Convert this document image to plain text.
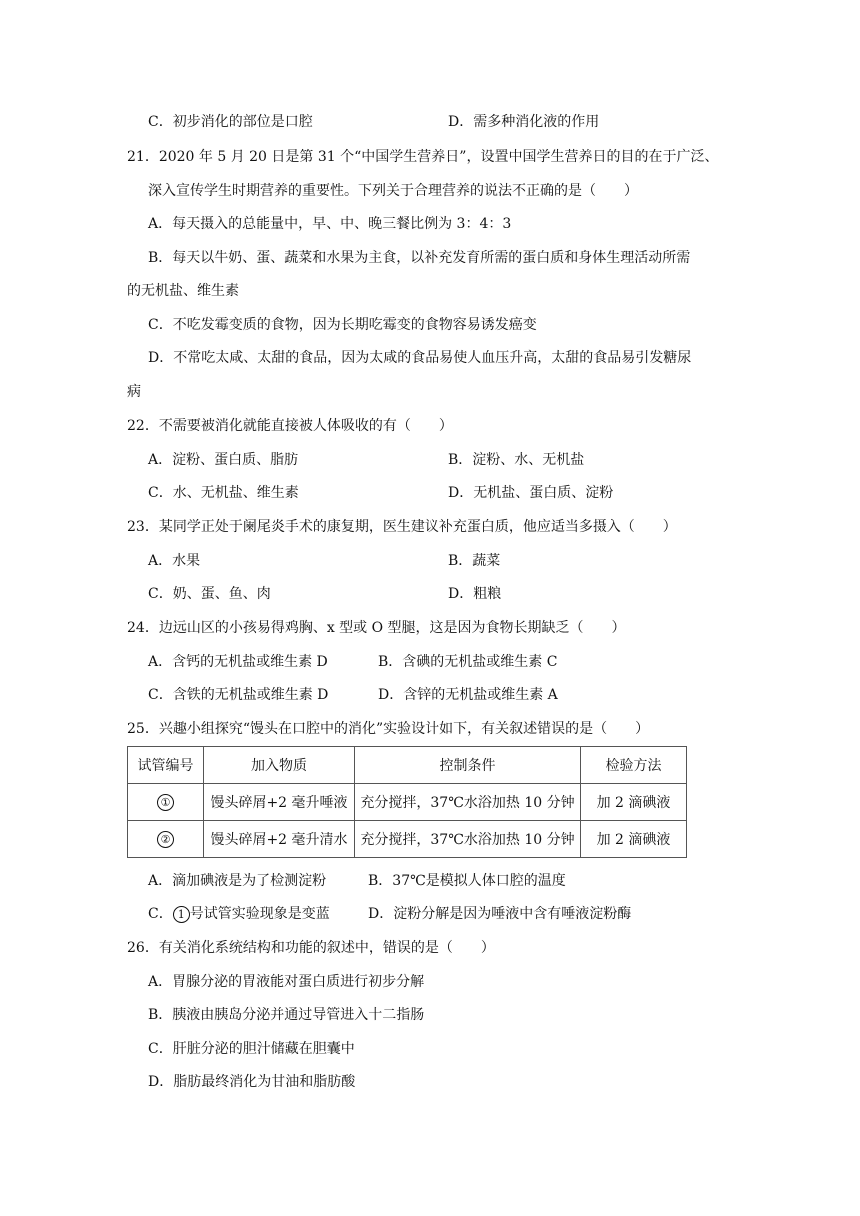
C．初步消化的部位是口腔	D．需多种消化液的作用
21．2020 年 5 月 20 日是第 31 个“中国学生营养日”，设置中国学生营养日的目的在于广泛、
深入宣传学生时期营养的重要性。下列关于合理营养的说法不正确的是（　　）
A．每天摄入的总能量中，早、中、晚三餐比例为 3：4：3
B．每天以牛奶、蛋、蔬菜和水果为主食，以补充发育所需的蛋白质和身体生理活动所需
的无机盐、维生素
C．不吃发霉变质的食物，因为长期吃霉变的食物容易诱发癌变
D．不常吃太咸、太甜的食品，因为太咸的食品易使人血压升高，太甜的食品易引发糖尿
病
22．不需要被消化就能直接被人体吸收的有（　　）
A．淀粉、蛋白质、脂肪	B．淀粉、水、无机盐
C．水、无机盐、维生素	D．无机盐、蛋白质、淀粉
23．某同学正处于阑尾炎手术的康复期，医生建议补充蛋白质，他应适当多摄入（　　）
A．水果	B．蔬菜
C．奶、蛋、鱼、肉	D．粗粮
24．边远山区的小孩易得鸡胸、x 型或 O 型腿，这是因为食物长期缺乏（　　）
A．含钙的无机盐或维生素 D	B．含碘的无机盐或维生素 C
C．含铁的无机盐或维生素 D	D．含锌的无机盐或维生素 A
25．兴趣小组探究“馒头在口腔中的消化”实验设计如下，有关叙述错误的是（　　）
试管编号	加入物质	控制条件	检验方法
①	馒头碎屑+2 毫升唾液	充分搅拌，37℃水浴加热 10 分钟	加 2 滴碘液
②	馒头碎屑+2 毫升清水	充分搅拌，37℃水浴加热 10 分钟	加 2 滴碘液
A．滴加碘液是为了检测淀粉	B．37℃是模拟人体口腔的温度
C． 1 号试管实验现象是变蓝	D．淀粉分解是因为唾液中含有唾液淀粉酶
26．有关消化系统结构和功能的叙述中，错误的是（　　）
A．胃腺分泌的胃液能对蛋白质进行初步分解
B．胰液由胰岛分泌并通过导管进入十二指肠
C．肝脏分泌的胆汁储藏在胆囊中
D．脂肪最终消化为甘油和脂肪酸
